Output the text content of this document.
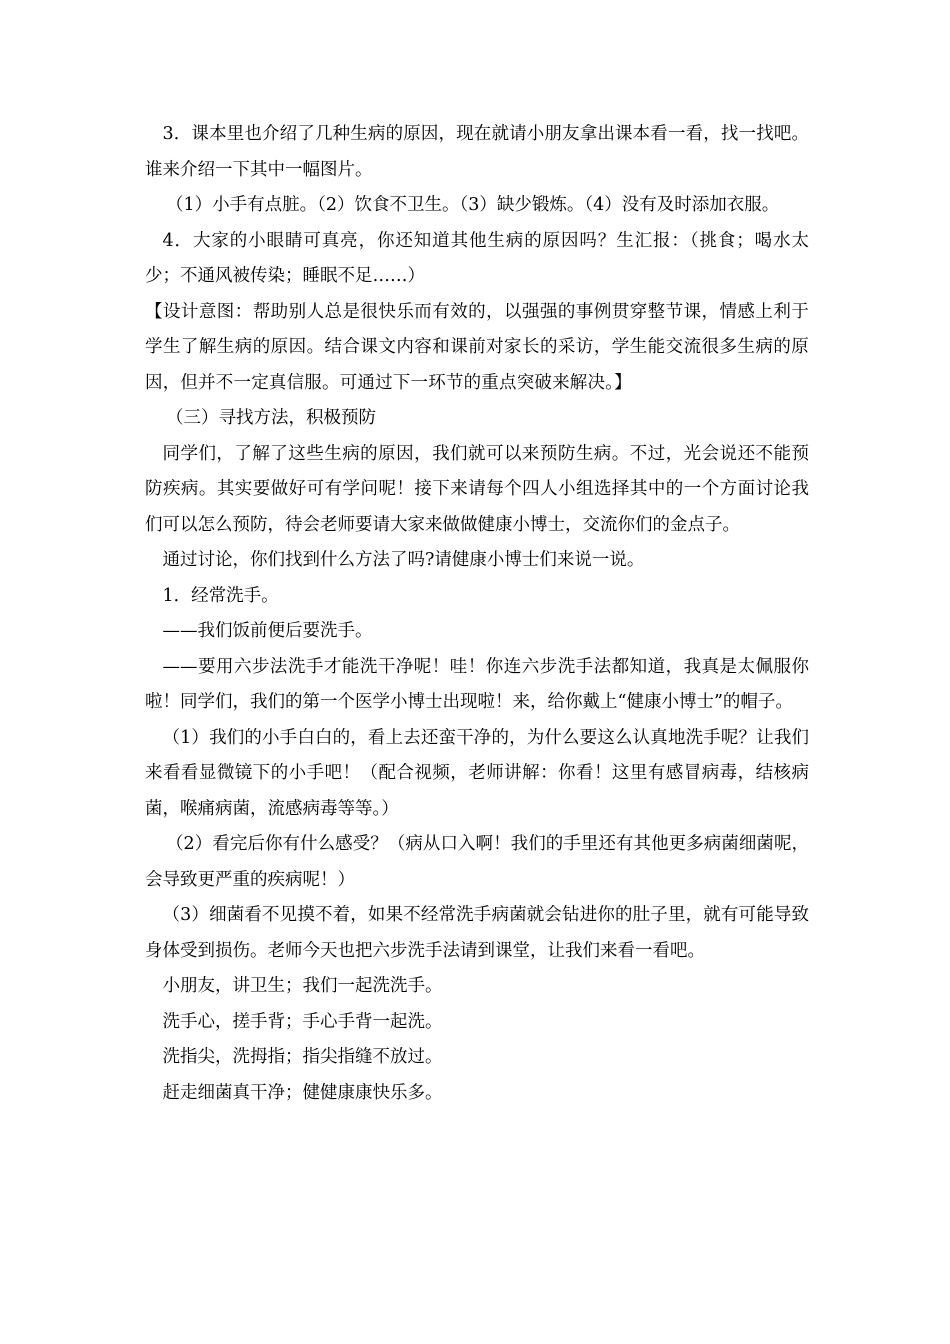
3．课本里也介绍了几种生病的原因，现在就请小朋友拿出课本看一看，找一找吧。谁来介绍一下其中一幅图片。

（1）小手有点脏。（2）饮食不卫生。（3）缺少锻炼。（4）没有及时添加衣服。

4．大家的小眼睛可真亮，你还知道其他生病的原因吗？生汇报：（挑食；喝水太少；不通风被传染；睡眠不足……）

【设计意图：帮助别人总是很快乐而有效的，以强强的事例贯穿整节课，情感上利于学生了解生病的原因。结合课文内容和课前对家长的采访，学生能交流很多生病的原因，但并不一定真信服。可通过下一环节的重点突破来解决。】

（三）寻找方法，积极预防

同学们，了解了这些生病的原因，我们就可以来预防生病。不过，光会说还不能预防疾病。其实要做好可有学问呢！接下来请每个四人小组选择其中的一个方面讨论我们可以怎么预防，待会老师要请大家来做做健康小博士，交流你们的金点子。

通过讨论，你们找到什么方法了吗?请健康小博士们来说一说。

1．经常洗手。

——我们饭前便后要洗手。

——要用六步法洗手才能洗干净呢！哇！你连六步洗手法都知道，我真是太佩服你啦！同学们，我们的第一个医学小博士出现啦！来，给你戴上“健康小博士”的帽子。

（1）我们的小手白白的，看上去还蛮干净的，为什么要这么认真地洗手呢？让我们来看看显微镜下的小手吧！（配合视频，老师讲解：你看！这里有感冒病毒，结核病菌，喉痛病菌，流感病毒等等。）

（2）看完后你有什么感受？（病从口入啊！我们的手里还有其他更多病菌细菌呢，会导致更严重的疾病呢！）

（3）细菌看不见摸不着，如果不经常洗手病菌就会钻进你的肚子里，就有可能导致身体受到损伤。老师今天也把六步洗手法请到课堂，让我们来看一看吧。

小朋友，讲卫生；我们一起洗洗手。

洗手心，搓手背；手心手背一起洗。

洗指尖，洗拇指；指尖指缝不放过。

赶走细菌真干净；健健康康快乐多。
